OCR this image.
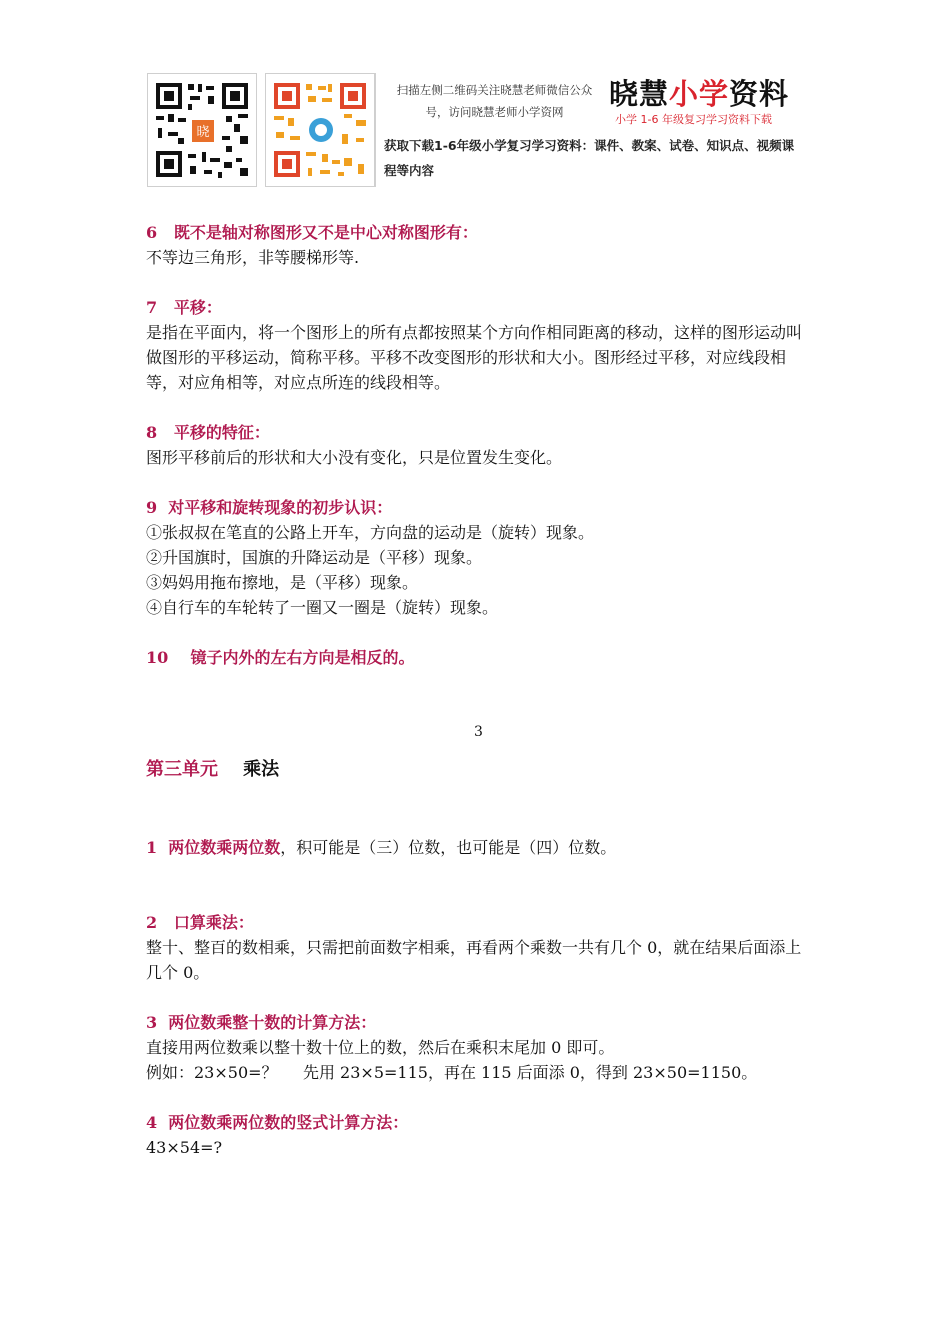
晓
扫描左侧二维码关注晓慧老师微信公众号，访问晓慧老师小学资网
晓慧小学资料
小学 1-6 年级复习学习资料下载
获取下载1-6年级小学复习学习资料：课件、教案、试卷、知识点、视频课程等内容
6   既不是轴对称图形又不是中心对称图形有：
不等边三角形，非等腰梯形等.
7   平移：
是指在平面内，将一个图形上的所有点都按照某个方向作相同距离的移动，这样的图形运动叫做图形的平移运动，简称平移。平移不改变图形的形状和大小。图形经过平移，对应线段相等，对应角相等，对应点所连的线段相等。
8   平移的特征：
图形平移前后的形状和大小没有变化，只是位置发生变化。
9  对平移和旋转现象的初步认识：
①张叔叔在笔直的公路上开车，方向盘的运动是（旋转）现象。
②升国旗时，国旗的升降运动是（平移）现象。
③妈妈用拖布擦地，是（平移）现象。
④自行车的车轮转了一圈又一圈是（旋转）现象。
10    镜子内外的左右方向是相反的。
3
第三单元 乘法
1  两位数乘两位数，积可能是（三）位数，也可能是（四）位数。
2   口算乘法：
整十、整百的数相乘，只需把前面数字相乘，再看两个乘数一共有几个 0，就在结果后面添上几个 0。
3  两位数乘整十数的计算方法：
直接用两位数乘以整十数十位上的数，然后在乘积末尾加 0 即可。
例如：23×50=？     先用 23×5=115，再在 115 后面添 0，得到 23×50=1150。
4  两位数乘两位数的竖式计算方法：
43×54=?
